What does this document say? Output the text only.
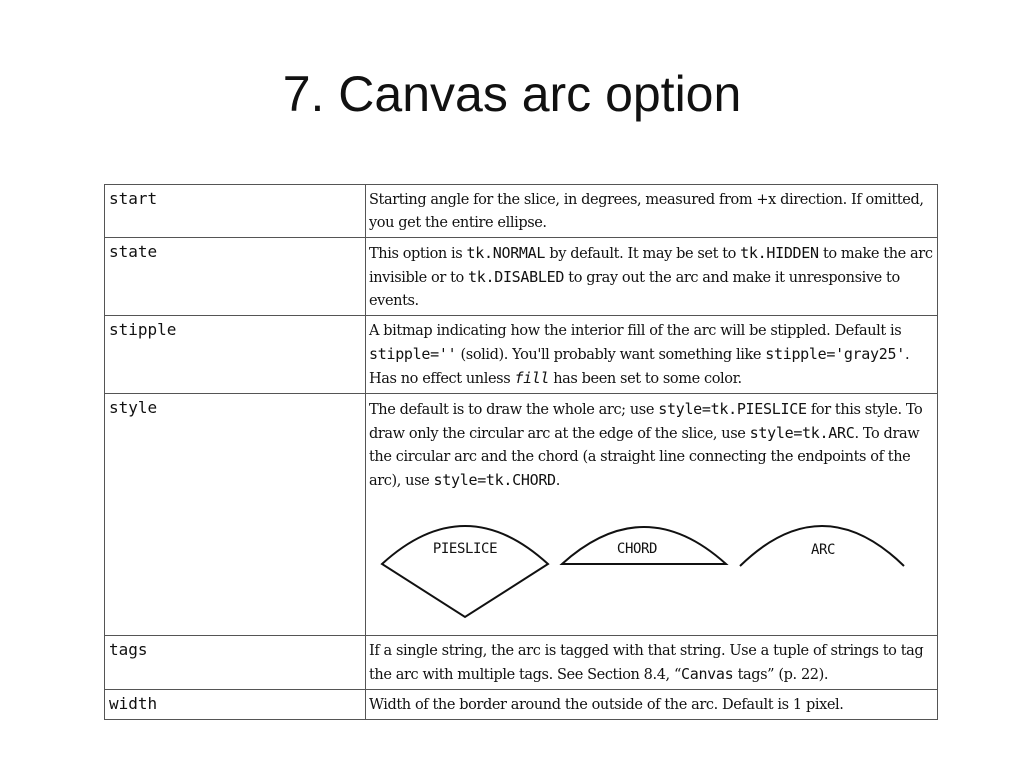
7. Canvas arc option
start	Starting angle for the slice, in degrees, measured from +x direction. If omitted, you get the entire ellipse.
state	This option is tk.NORMAL by default. It may be set to tk.HIDDEN to make the arc invisible or to tk.DISABLED to gray out the arc and make it unresponsive to events.
stipple	A bitmap indicating how the interior fill of the arc will be stippled. Default is stipple='' (solid). You'll probably want something like stipple='gray25'. Has no effect unless fill has been set to some color.
style	The default is to draw the whole arc; use style=tk.PIESLICE for this style. To draw only the circular arc at the edge of the slice, use style=tk.ARC. To draw the circular arc and the chord (a straight line connecting the endpoints of the arc), use style=tk.CHORD.
PIESLICE CHORD ARC

tags	If a single string, the arc is tagged with that string. Use a tuple of strings to tag the arc with multiple tags. See Section 8.4, “Canvas tags” (p. 22).
width	Width of the border around the outside of the arc. Default is 1 pixel.
